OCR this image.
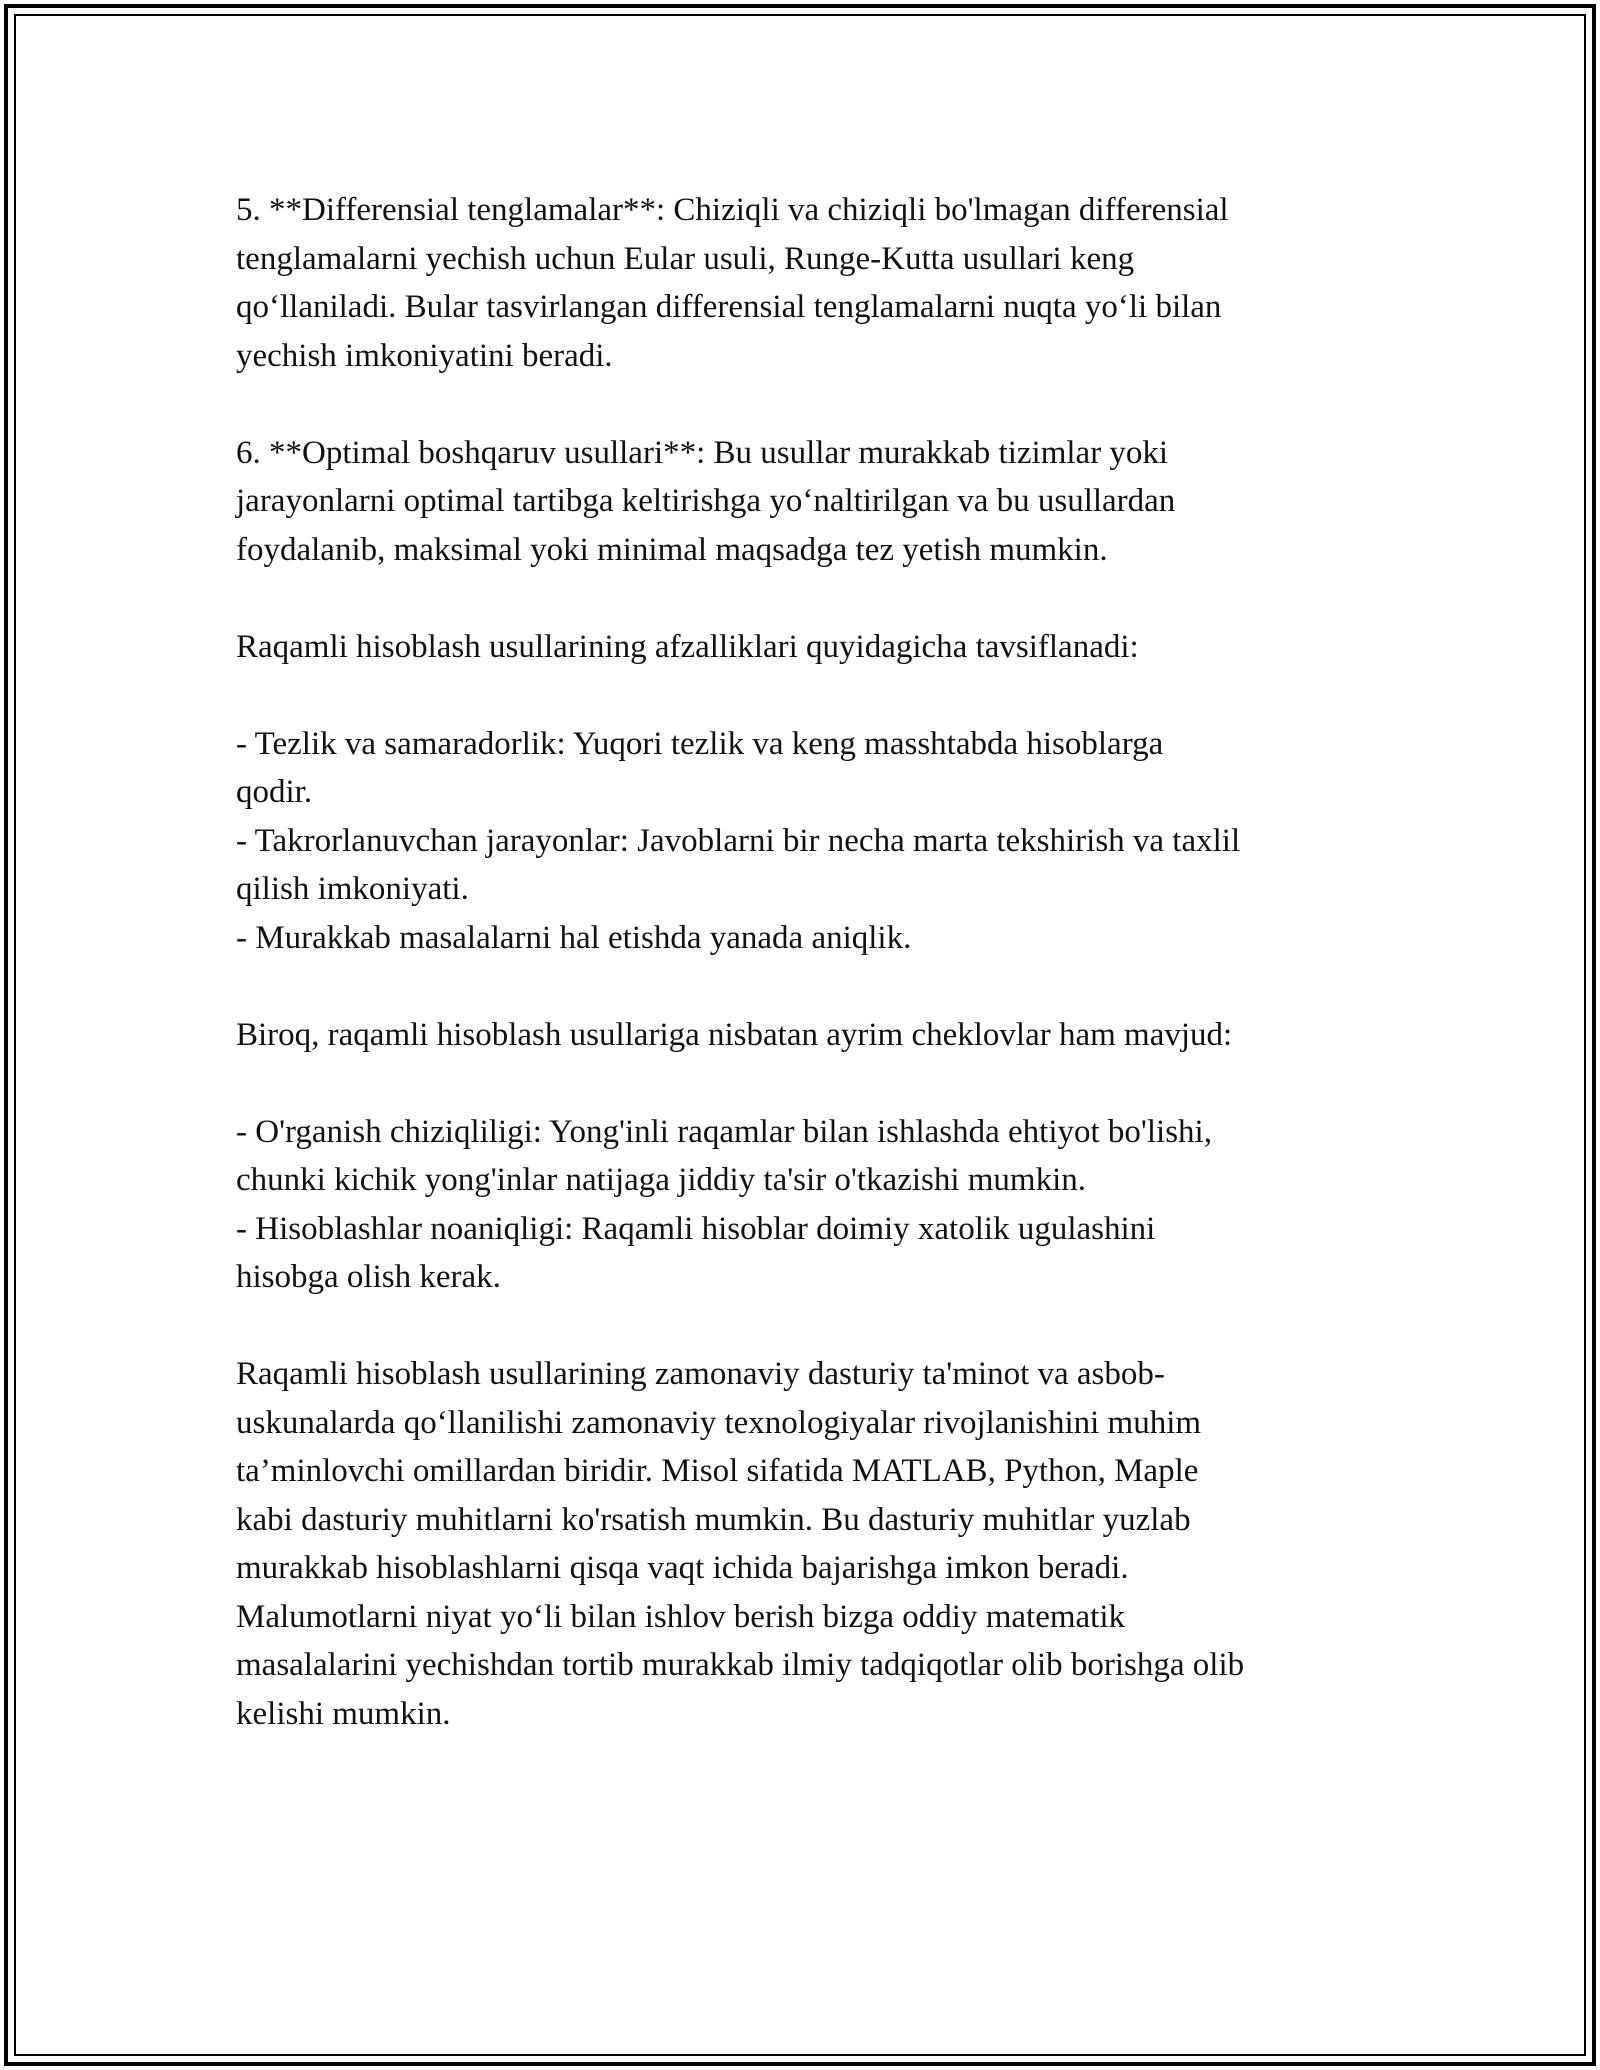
5. **Differensial tenglamalar**: Chiziqli va chiziqli bo'lmagan differensial

tenglamalarni yechish uchun Eular usuli, Runge-Kutta usullari keng

qo‘llaniladi. Bular tasvirlangan differensial tenglamalarni nuqta yo‘li bilan

yechish imkoniyatini beradi.

6. **Optimal boshqaruv usullari**: Bu usullar murakkab tizimlar yoki

jarayonlarni optimal tartibga keltirishga yo‘naltirilgan va bu usullardan

foydalanib, maksimal yoki minimal maqsadga tez yetish mumkin.

Raqamli hisoblash usullarining afzalliklari quyidagicha tavsiflanadi:

- Tezlik va samaradorlik: Yuqori tezlik va keng masshtabda hisoblarga

qodir.

- Takrorlanuvchan jarayonlar: Javoblarni bir necha marta tekshirish va taxlil

qilish imkoniyati.

- Murakkab masalalarni hal etishda yanada aniqlik.

Biroq, raqamli hisoblash usullariga nisbatan ayrim cheklovlar ham mavjud:

- O'rganish chiziqliligi: Yong'inli raqamlar bilan ishlashda ehtiyot bo'lishi,

chunki kichik yong'inlar natijaga jiddiy ta'sir o'tkazishi mumkin.

- Hisoblashlar noaniqligi: Raqamli hisoblar doimiy xatolik ugulashini

hisobga olish kerak.

Raqamli hisoblash usullarining zamonaviy dasturiy ta'minot va asbob-

uskunalarda qo‘llanilishi zamonaviy texnologiyalar rivojlanishini muhim

ta’minlovchi omillardan biridir. Misol sifatida MATLAB, Python, Maple

kabi dasturiy muhitlarni ko'rsatish mumkin. Bu dasturiy muhitlar yuzlab

murakkab hisoblashlarni qisqa vaqt ichida bajarishga imkon beradi.

Malumotlarni niyat yo‘li bilan ishlov berish bizga oddiy matematik

masalalarini yechishdan tortib murakkab ilmiy tadqiqotlar olib borishga olib

kelishi mumkin.
